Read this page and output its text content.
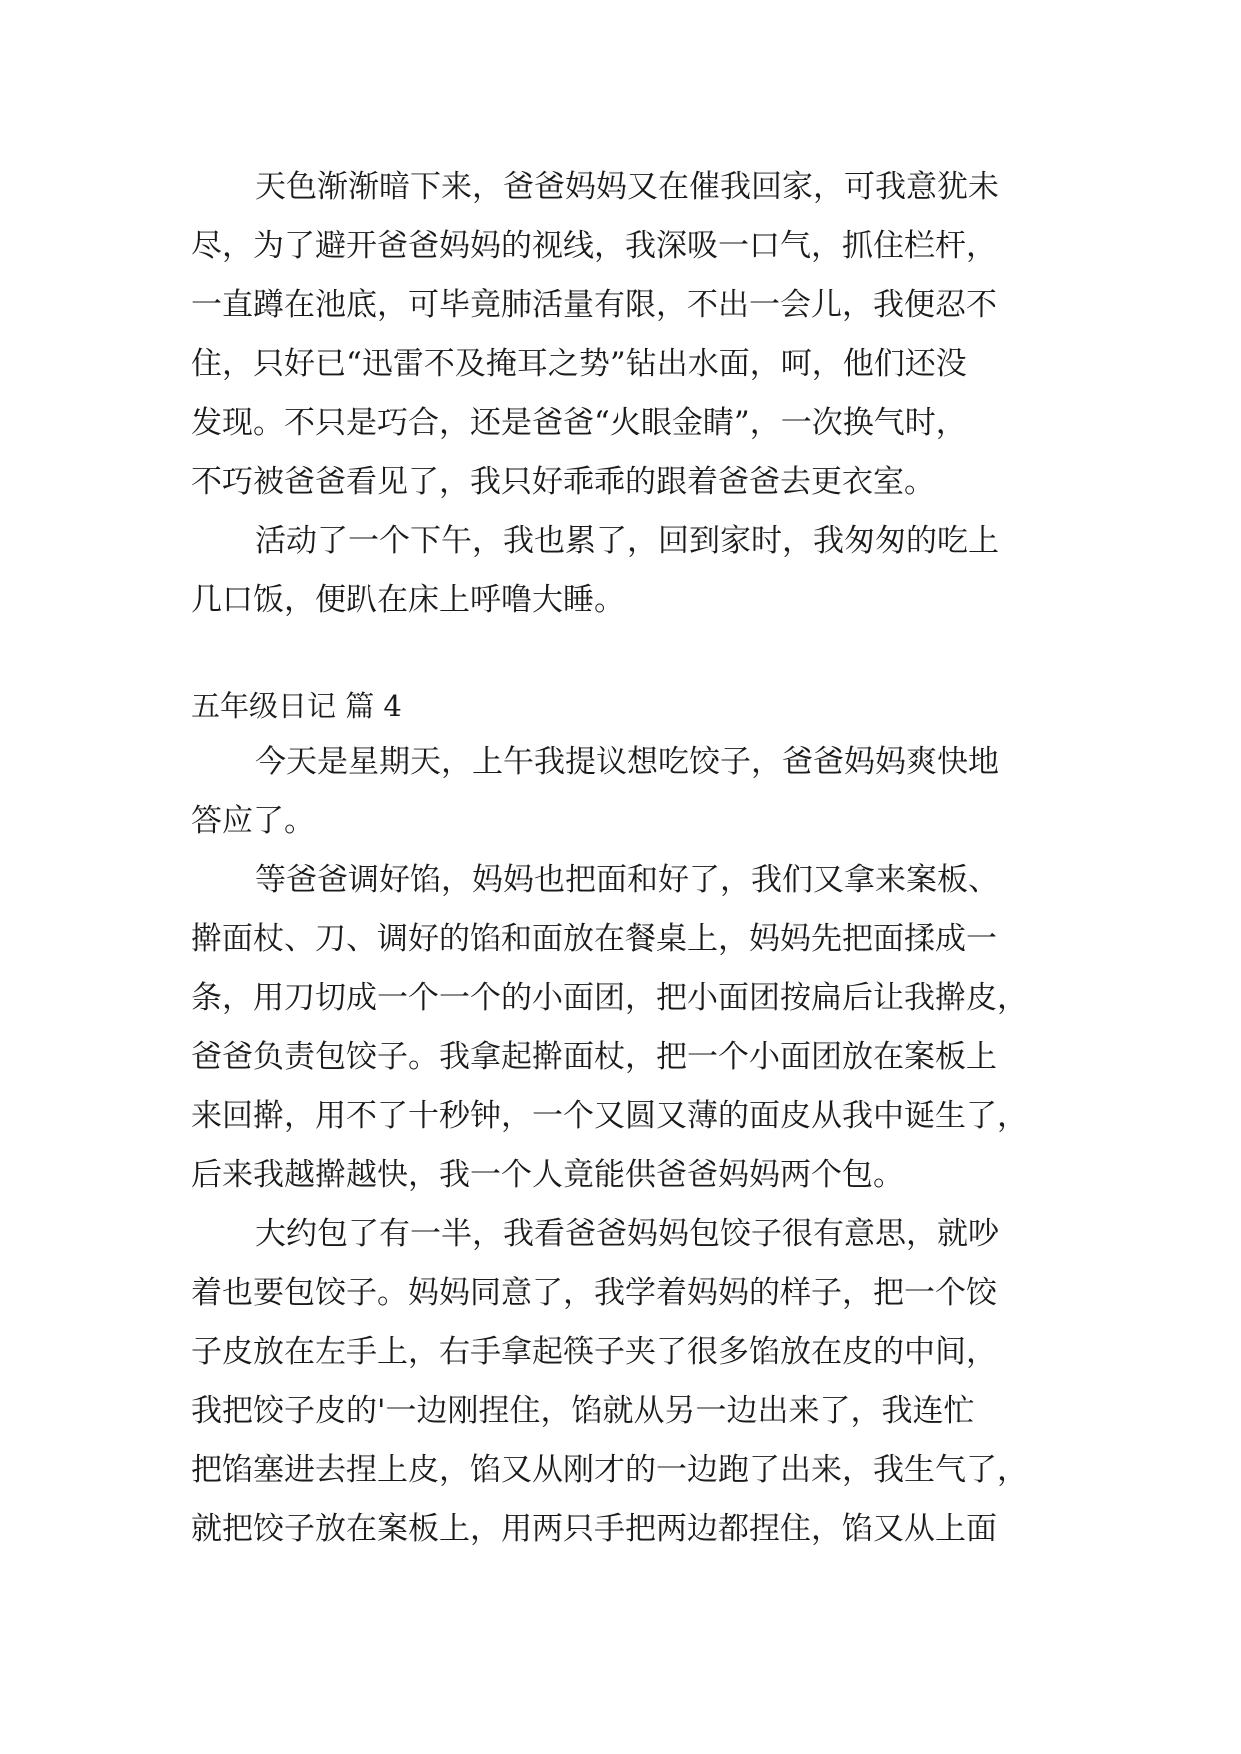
天色渐渐暗下来，爸爸妈妈又在催我回家，可我意犹未
尽，为了避开爸爸妈妈的视线，我深吸一口气，抓住栏杆，
一直蹲在池底，可毕竟肺活量有限，不出一会儿，我便忍不
住，只好已“迅雷不及掩耳之势”钻出水面，呵，他们还没
发现。不只是巧合，还是爸爸“火眼金睛”，一次换气时，
不巧被爸爸看见了，我只好乖乖的跟着爸爸去更衣室。
活动了一个下午，我也累了，回到家时，我匆匆的吃上
几口饭，便趴在床上呼噜大睡。
五年级日记 篇 4
今天是星期天，上午我提议想吃饺子，爸爸妈妈爽快地
答应了。
等爸爸调好馅，妈妈也把面和好了，我们又拿来案板、
擀面杖、刀、调好的馅和面放在餐桌上，妈妈先把面揉成一
条，用刀切成一个一个的小面团，把小面团按扁后让我擀皮，
爸爸负责包饺子。我拿起擀面杖，把一个小面团放在案板上
来回擀，用不了十秒钟，一个又圆又薄的面皮从我中诞生了，
后来我越擀越快，我一个人竟能供爸爸妈妈两个包。
大约包了有一半，我看爸爸妈妈包饺子很有意思，就吵
着也要包饺子。妈妈同意了，我学着妈妈的样子，把一个饺
子皮放在左手上，右手拿起筷子夹了很多馅放在皮的中间，
我把饺子皮的'一边刚捏住，馅就从另一边出来了，我连忙
把馅塞进去捏上皮，馅又从刚才的一边跑了出来，我生气了，
就把饺子放在案板上，用两只手把两边都捏住，馅又从上面
